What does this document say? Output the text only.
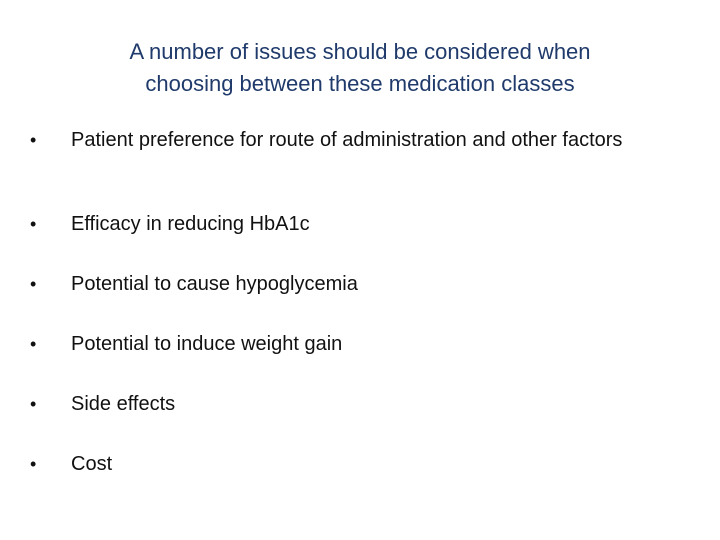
A number of issues should be considered when
choosing between these medication classes
•	Patient preference for route of administration and other factors
•	Efficacy in reducing HbA1c
•	Potential to cause hypoglycemia
•	Potential to induce weight gain
•	Side effects
•	Cost
